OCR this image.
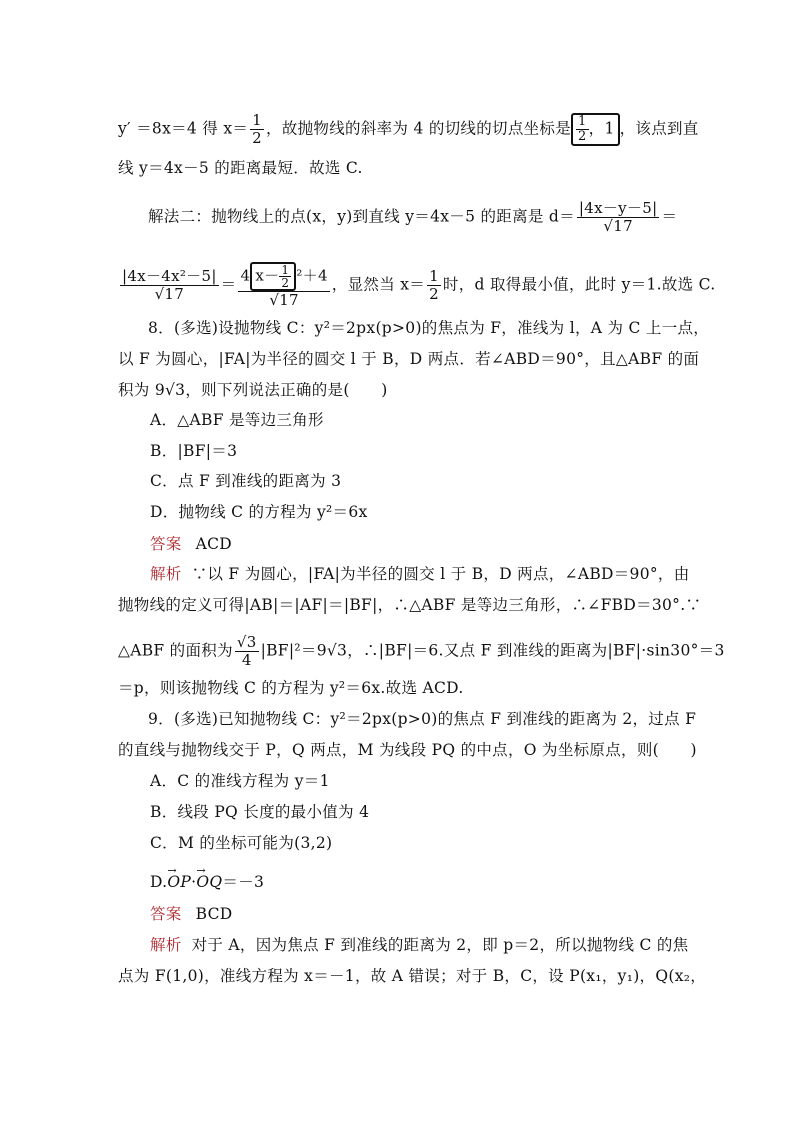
y′ ＝8x＝4 得 $x= \frac{1}{2}$ ，故抛物线的斜率为 4 的切线的切点坐标是 $\frac{1}{2}$ ，1 ，该点到直
线 y＝4x－5 的距离最短．故选 C.
解法二：抛物线上的点(x，y)到直线 y＝4x－5 的距离是 $d= \frac{|4x-y-5|}{√17}$ ＝
$\frac{\text{|4x－4x²－5|}}{√17} = \frac{4 x- \frac{1}{2} ^2+4}{√17}$ ，显然当 $x= \frac{1}{2}$ 时，d 取得最小值，此时 y＝1.故选 C.
8．(多选)设抛物线 C：y²＝2px(p>0)的焦点为 F，准线为 l，A 为 C 上一点，
以 F 为圆心，|FA|为半径的圆交 l 于 B，D 两点．若∠ABD＝90°，且△ABF 的面
积为 9√3，则下列说法正确的是(　　)
A．△ABF 是等边三角形
B．|BF|＝3
C．点 F 到准线的距离为 3
D．抛物线 C 的方程为 y²＝6x
答案 ACD
解析 ∵以 F 为圆心，|FA|为半径的圆交 l 于 B，D 两点，∠ABD＝90°，由
抛物线的定义可得|AB|＝|AF|＝|BF|，∴△ABF 是等边三角形，∴∠FBD＝30°.∵
△ABF 的面积为 $\frac{√3}{4} |BF|^2=9√3$，∴|BF|＝6.又点 F 到准线的距离为|BF|·sin30°＝3
＝p，则该抛物线 C 的方程为 y²＝6x.故选 ACD.
9．(多选)已知抛物线 C：y²＝2px(p>0)的焦点 F 到准线的距离为 2，过点 F
的直线与抛物线交于 P，Q 两点，M 为线段 PQ 的中点，O 为坐标原点，则(　　)
A．C 的准线方程为 y＝1
B．线段 PQ 长度的最小值为 4
C．M 的坐标可能为(3,2)
D.→ OP·→ OQ＝－3
答案 BCD
解析 对于 A，因为焦点 F 到准线的距离为 2，即 p＝2，所以抛物线 C 的焦
点为 F(1,0)，准线方程为 x＝－1，故 A 错误；对于 B，C，设 P(x₁，y₁)，Q(x₂，
